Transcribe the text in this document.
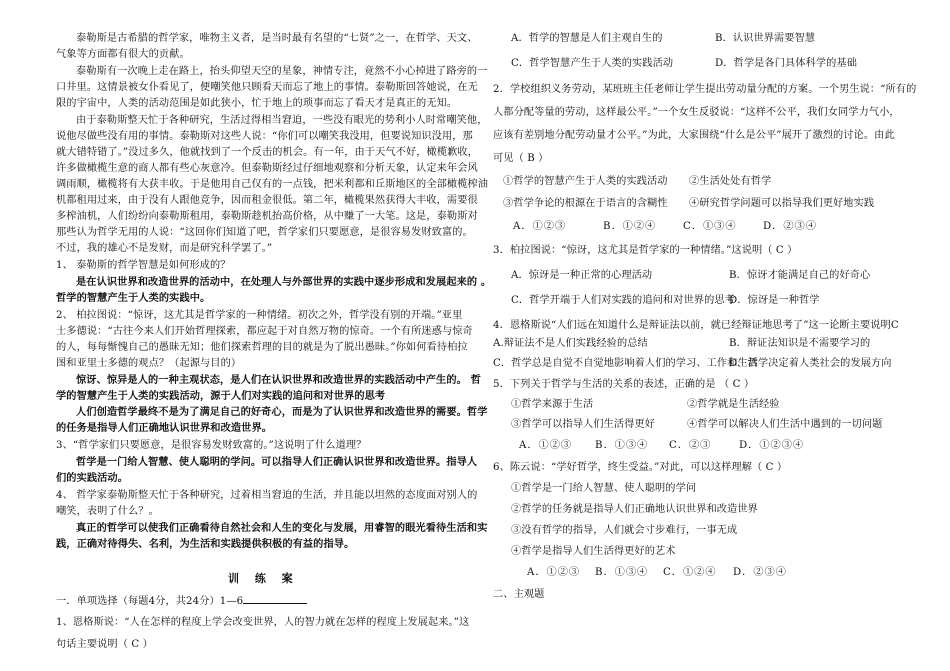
泰勒斯是古希腊的哲学家，唯物主义者，是当时最有名望的“七贤”之一，在哲学、天文、
气象等方面都有很大的贡献。
泰勒斯有一次晚上走在路上，抬头仰望天空的星象，神情专注，竟然不小心掉进了路旁的一
口井里。这情景被女仆看见了，便嘲笑他只顾看天而忘了地上的事情。泰勒斯回答她说，在无
限的宇宙中，人类的活动范围是如此狭小，忙于地上的琐事而忘了看天才是真正的无知。
由于泰勒斯整天忙于各种研究，生活过得相当窘迫，一些没有眼光的势利小人时常嘲笑他，
说他尽做些没有用的事情。泰勒斯对这些人说：“你们可以嘲笑我没用，但要说知识没用，那
就大错特错了。”没过多久，他就找到了一个反击的机会。有一年，由于天气不好，橄榄歉收，
许多做橄榄生意的商人都有些心灰意冷。但泰勒斯经过仔细地观察和分析天象，认定来年会风
调雨顺，橄榄将有大获丰收。于是他用自己仅有的一点钱，把米利都和丘斯地区的全部橄榄榨油
机都租用过来，由于没有人跟他竞争，因而租金很低。第二年，橄榄果然获得大丰收，需要很
多榨油机，人们纷纷向泰勒斯租用，泰勒斯趁机抬高价格，从中赚了一大笔。这是，泰勒斯对
那些认为哲学无用的人说：“这回你们知道了吧，哲学家们只要愿意，是很容易发财致富的。
不过，我的雄心不是发财，而是研究科学罢了。”
1、 泰勒斯的哲学智慧是如何形成的？
是在认识世界和改造世界的活动中，在处理人与外部世界的实践中逐步形成和发展起来的 。
哲学的智慧产生于人类的实践中。
2、 柏拉图说：“惊讶，这尤其是哲学家的一种情绪。初次之外，哲学没有别的开端。”亚里
士多德说：“古往今来人们开始哲理探索，都应起于对自然万物的惊奇。一个有所迷惑与惊奇
的人，每每惭愧自己的愚昧无知；他们探索哲理的目的就是为了脱出愚昧。”你如何看待柏拉
图和亚里士多德的观点？（起源与目的）
惊讶、惊异是人的一种主观状态，是人们在认识世界和改造世界的实践活动中产生的。 哲
学的智慧产生于人类的实践活动，源于人们对实践的追问和对世界的思考
人们创造哲学最终不是为了满足自己的好奇心，而是为了认识世界和改造世界的需要。哲学
的任务是指导人们正确地认识世界和改造世界。
3、“哲学家们只要愿意，是很容易发财致富的。”这说明了什么道理？
哲学是一门给人智慧、使人聪明的学问。可以指导人们正确认识世界和改造世界。指导人
们的实践活动。
4、 哲学家泰勒斯整天忙于各种研究，过着相当窘迫的生活，并且能以坦然的态度面对别人的
嘲笑，表明了什么？。
真正的哲学可以使我们正确看待自然社会和人生的变化与发展，用睿智的眼光看待生活和实
践，正确对待得失、名利，为生活和实践提供积极的有益的指导。
训 练 案
一．单项选择（每题4分，共24分）1—6
1、恩格斯说：“人在怎样的程度上学会改变世界，人的智力就在怎样的程度上发展起来。”这
句话主要说明（ C ）
A．哲学的智慧是人们主观自生的	B．认识世界需要智慧
C．哲学智慧产生于人类的实践活动	D．哲学是各门具体科学的基础
2．学校组织义务劳动，某班班主任老师让学生提出劳动量分配的方案。一个男生说：“所有的
人都分配等量的劳动，这样最公平。”一个女生反驳说：“这样不公平，我们女同学力气小，
应该有差别地分配劳动量才公平。”为此，大家围绕“什么是公平”展开了激烈的讨论。由此
可见（ B ）
①哲学的智慧产生于人类的实践活动 ②生活处处有哲学
③哲学争论的根源在于语言的含糊性 ④研究哲学问题可以指导我们更好地实践
A．①②③	B．①②④	C．①③④	D．②③④
3．柏拉图说：“惊讶，这尤其是哲学家的一种情绪。”这说明（ C ）
A．惊讶是一种正常的心理活动	B．惊讶才能满足自己的好奇心
C．哲学开端于人们对实践的追问和对世界的思考
D．惊讶是一种哲学
4．恩格斯说“人们远在知道什么是辩证法以前，就已经辩证地思考了”这一论断主要说明C
A.辩证法不是人们实践经验的总结	B．辩证法知识是不需要学习的
C．哲学总是自觉不自觉地影响着人们的学习、工作和生活
D．哲学决定着人类社会的发展方向
5．下列关于哲学与生活的关系的表述，正确的是 （ C ）
①哲学来源于生活	②哲学就是生活经验
③哲学可以指导人们生活得更好	④哲学可以解决人们生活中遇到的一切问题
A．①②③ B．①③④ C．②③	D．①②③④
6、陈云说：“学好哲学，终生受益。”对此，可以这样理解（ C ）
①哲学是一门给人智慧、使人聪明的学问
②哲学的任务就是指导人们正确地认识世界和改造世界
③没有哲学的指导，人们就会寸步难行，一事无成
④哲学是指导人们生活得更好的艺术
A．①②③ B．①③④ C．①②④ D．②③④
二、主观题
